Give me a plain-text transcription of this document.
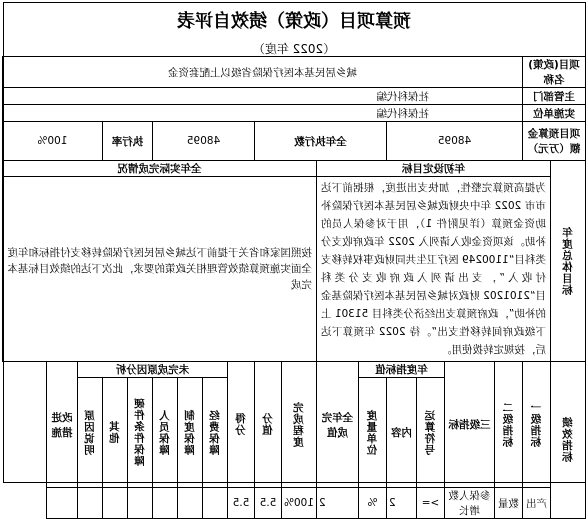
预算项目（政策）绩效自评表
（2022 年度）
项目(政策)名称		城乡居民基本医疗保险省级以上配套资金															
主管部门		社保科代编															
实施单位		社保科代编															
项目预算金额（万元）		48095				全年执行数				48095				执行率		100%	

年度总体目标	年初设定目标							全年实际完成情况									
	为提高预算完整性，加快支出进度，根据前下达市市 2022 年中央财政城乡居民基本医疗保险补助资金预算（详见附件 1），用于对参保人员的补助。该项资金收入请列入 2022 年政府收支分类科目“1100249 医疗卫生共同财政事权转移支付收入”，支出请列入政府收支分类科目“2101202 财政对城乡居民基本医疗保险基金的补助”，政府预算支出经济分类科目 51301 上下级政府间转移性支出”。待 2022 年预算下达后，按规定转拨使用。							按照国家和省关于提前下达城乡居民医疗保险转移支付指标和年度全面实施预算绩效管理相关政策的要求，此次下达的绩效目标基本完成									

绩效指标	一级指标	二级指标	三级指标	年度指标值			全年完成值	完成程度	分值	得分	未完成原因分析						改进措施

				运算符号	内容	度量单位					经费保障	制度保障	人员保障	硬件条件保障	其他	原因说明	

	产出	数量	参保人数增长	>=	2	%	2	100%	5.5	5.5							
